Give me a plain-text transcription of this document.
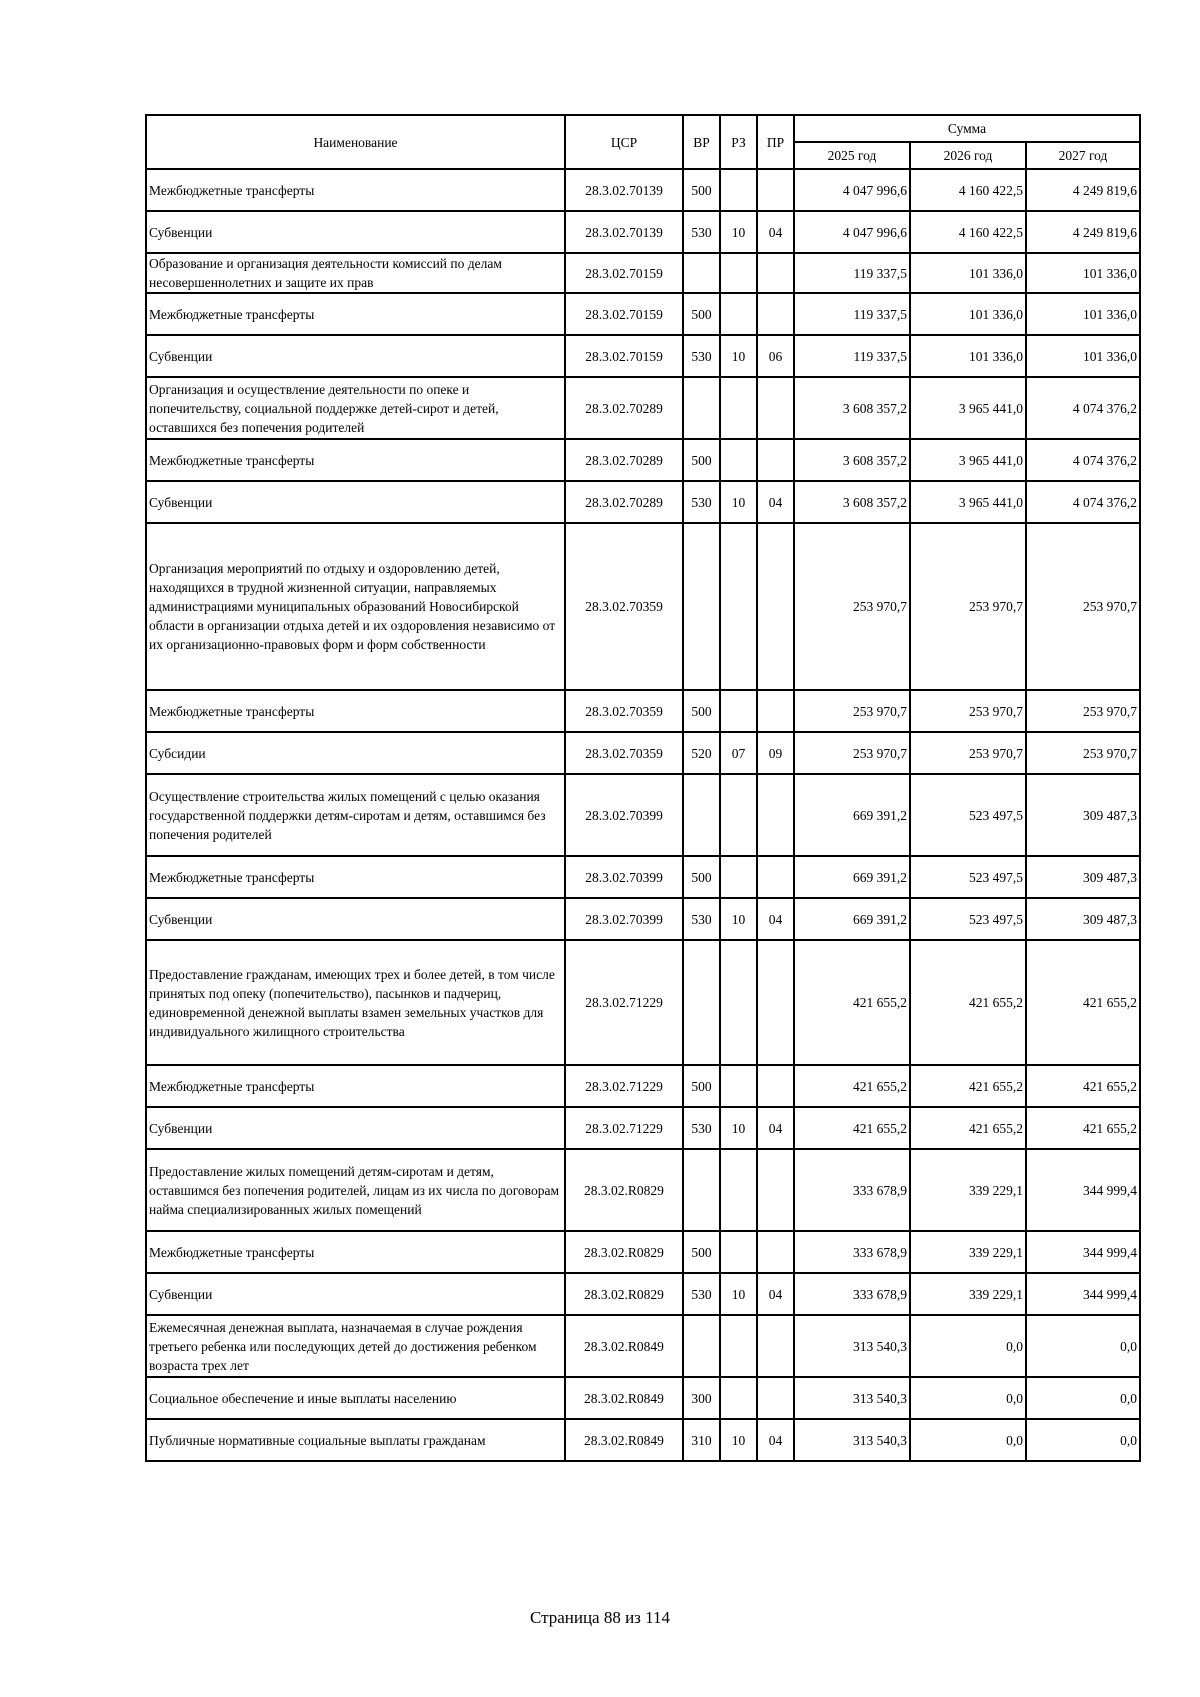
Наименование	ЦСР	ВР	РЗ	ПР	Сумма		
					2025 год	2026 год	2027 год
Межбюджетные трансферты	28.3.02.70139	500			4 047 996,6	4 160 422,5	4 249 819,6
Субвенции	28.3.02.70139	530	10	04	4 047 996,6	4 160 422,5	4 249 819,6
Образование и организация деятельности комиссий по делам несовершеннолетних и защите их прав	28.3.02.70159				119 337,5	101 336,0	101 336,0
Межбюджетные трансферты	28.3.02.70159	500			119 337,5	101 336,0	101 336,0
Субвенции	28.3.02.70159	530	10	06	119 337,5	101 336,0	101 336,0
Организация и осуществление деятельности по опеке и попечительству, социальной поддержке детей-сирот и детей, оставшихся без попечения родителей	28.3.02.70289				3 608 357,2	3 965 441,0	4 074 376,2
Межбюджетные трансферты	28.3.02.70289	500			3 608 357,2	3 965 441,0	4 074 376,2
Субвенции	28.3.02.70289	530	10	04	3 608 357,2	3 965 441,0	4 074 376,2
Организация мероприятий по отдыху и оздоровлению детей, находящихся в трудной жизненной ситуации, направляемых администрациями муниципальных образований Новосибирской области в организации отдыха детей и их оздоровления независимо от их организационно-правовых форм и форм собственности	28.3.02.70359				253 970,7	253 970,7	253 970,7
Межбюджетные трансферты	28.3.02.70359	500			253 970,7	253 970,7	253 970,7
Субсидии	28.3.02.70359	520	07	09	253 970,7	253 970,7	253 970,7
Осуществление строительства жилых помещений с целью оказания государственной поддержки детям-сиротам и детям, оставшимся без попечения родителей	28.3.02.70399				669 391,2	523 497,5	309 487,3
Межбюджетные трансферты	28.3.02.70399	500			669 391,2	523 497,5	309 487,3
Субвенции	28.3.02.70399	530	10	04	669 391,2	523 497,5	309 487,3
Предоставление гражданам, имеющих трех и более детей, в том числе принятых под опеку (попечительство), пасынков и падчериц, единовременной денежной выплаты взамен земельных участков для индивидуального жилищного строительства	28.3.02.71229				421 655,2	421 655,2	421 655,2
Межбюджетные трансферты	28.3.02.71229	500			421 655,2	421 655,2	421 655,2
Субвенции	28.3.02.71229	530	10	04	421 655,2	421 655,2	421 655,2
Предоставление жилых помещений детям-сиротам и детям, оставшимся без попечения родителей, лицам из их числа по договорам найма специализированных жилых помещений	28.3.02.R0829				333 678,9	339 229,1	344 999,4
Межбюджетные трансферты	28.3.02.R0829	500			333 678,9	339 229,1	344 999,4
Субвенции	28.3.02.R0829	530	10	04	333 678,9	339 229,1	344 999,4
Ежемесячная денежная выплата, назначаемая в случае рождения третьего ребенка или последующих детей до достижения ребенком возраста трех лет	28.3.02.R0849				313 540,3	0,0	0,0
Социальное обеспечение и иные выплаты населению	28.3.02.R0849	300			313 540,3	0,0	0,0
Публичные нормативные социальные выплаты гражданам	28.3.02.R0849	310	10	04	313 540,3	0,0	0,0
Страница 88 из 114
